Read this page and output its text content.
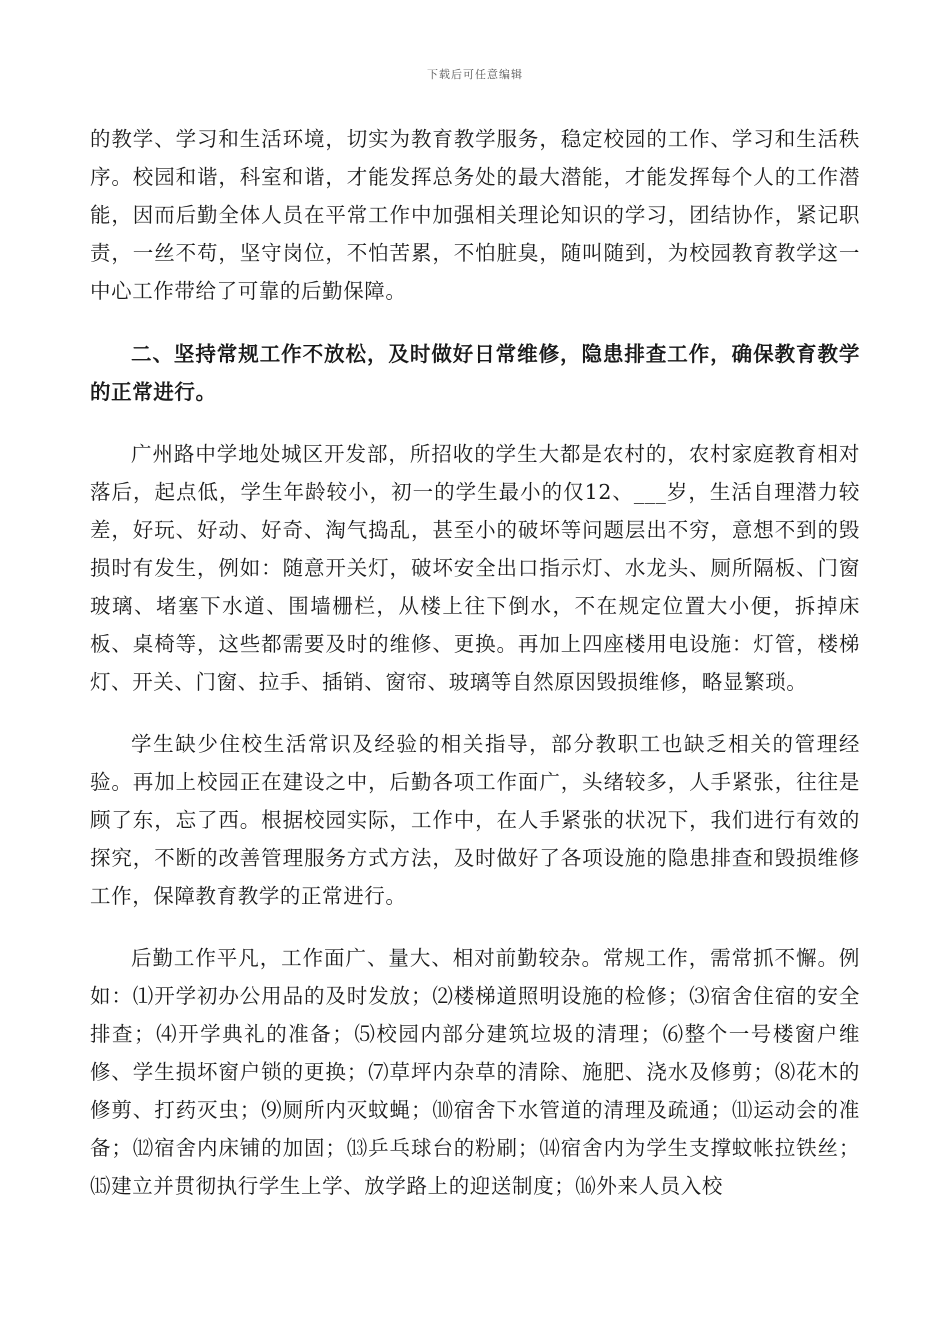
下载后可任意编辑

的教学、学习和生活环境，切实为教育教学服务，稳定校园的工作、学习和生活秩序。校园和谐，科室和谐，才能发挥总务处的最大潜能，才能发挥每个人的工作潜能，因而后勤全体人员在平常工作中加强相关理论知识的学习，团结协作，紧记职责，一丝不苟，坚守岗位，不怕苦累，不怕脏臭，随叫随到，为校园教育教学这一中心工作带给了可靠的后勤保障。

二、坚持常规工作不放松，及时做好日常维修，隐患排查工作，确保教育教学的正常进行。

广州路中学地处城区开发部，所招收的学生大都是农村的，农村家庭教育相对落后，起点低，学生年龄较小，初一的学生最小的仅12、___岁，生活自理潜力较差，好玩、好动、好奇、淘气捣乱，甚至小的破坏等问题层出不穷，意想不到的毁损时有发生，例如：随意开关灯，破坏安全出口指示灯、水龙头、厕所隔板、门窗玻璃、堵塞下水道、围墙栅栏，从楼上往下倒水，不在规定位置大小便，拆掉床板、桌椅等，这些都需要及时的维修、更换。再加上四座楼用电设施：灯管，楼梯灯、开关、门窗、拉手、插销、窗帘、玻璃等自然原因毁损维修，略显繁琐。

学生缺少住校生活常识及经验的相关指导，部分教职工也缺乏相关的管理经验。再加上校园正在建设之中，后勤各项工作面广，头绪较多，人手紧张，往往是顾了东，忘了西。根据校园实际，工作中，在人手紧张的状况下，我们进行有效的探究，不断的改善管理服务方式方法，及时做好了各项设施的隐患排查和毁损维修工作，保障教育教学的正常进行。

后勤工作平凡，工作面广、量大、相对前勤较杂。常规工作，需常抓不懈。例如：⑴开学初办公用品的及时发放；⑵楼梯道照明设施的检修；⑶宿舍住宿的安全排查；⑷开学典礼的准备；⑸校园内部分建筑垃圾的清理；⑹整个一号楼窗户维修、学生损坏窗户锁的更换；⑺草坪内杂草的清除、施肥、浇水及修剪；⑻花木的修剪、打药灭虫；⑼厕所内灭蚊蝇；⑽宿舍下水管道的清理及疏通；⑾运动会的准备；⑿宿舍内床铺的加固；⒀乒乓球台的粉刷；⒁宿舍内为学生支撑蚊帐拉铁丝；⒂建立并贯彻执行学生上学、放学路上的迎送制度；⒃外来人员入校
